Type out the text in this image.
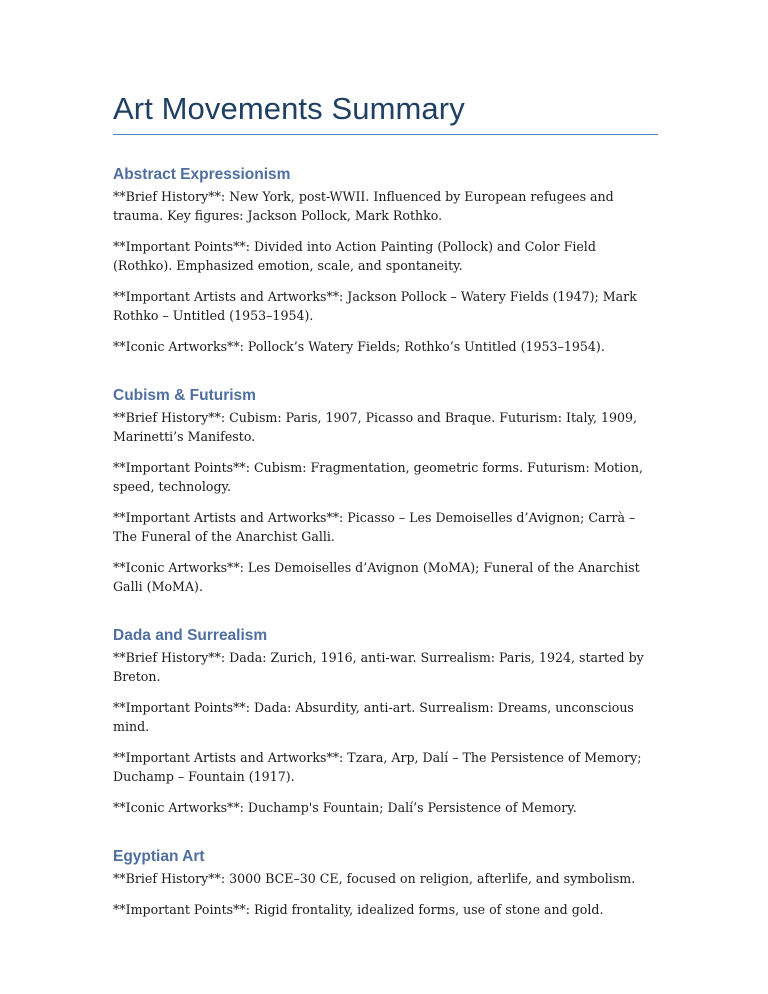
Art Movements Summary
Abstract Expressionism

**Brief History**: New York, post-WWII. Influenced by European refugees and trauma. Key figures: Jackson Pollock, Mark Rothko.

**Important Points**: Divided into Action Painting (Pollock) and Color Field (Rothko). Emphasized emotion, scale, and spontaneity.

**Important Artists and Artworks**: Jackson Pollock – Watery Fields (1947); Mark Rothko – Untitled (1953–1954).

**Iconic Artworks**: Pollock’s Watery Fields; Rothko’s Untitled (1953–1954).

Cubism & Futurism

**Brief History**: Cubism: Paris, 1907, Picasso and Braque. Futurism: Italy, 1909, Marinetti’s Manifesto.

**Important Points**: Cubism: Fragmentation, geometric forms. Futurism: Motion, speed, technology.

**Important Artists and Artworks**: Picasso – Les Demoiselles d’Avignon; Carrà – The Funeral of the Anarchist Galli.

**Iconic Artworks**: Les Demoiselles d’Avignon (MoMA); Funeral of the Anarchist Galli (MoMA).

Dada and Surrealism

**Brief History**: Dada: Zurich, 1916, anti-war. Surrealism: Paris, 1924, started by Breton.

**Important Points**: Dada: Absurdity, anti-art. Surrealism: Dreams, unconscious mind.

**Important Artists and Artworks**: Tzara, Arp, Dalí – The Persistence of Memory; Duchamp – Fountain (1917).

**Iconic Artworks**: Duchamp's Fountain; Dalí’s Persistence of Memory.

Egyptian Art

**Brief History**: 3000 BCE–30 CE, focused on religion, afterlife, and symbolism.

**Important Points**: Rigid frontality, idealized forms, use of stone and gold.
